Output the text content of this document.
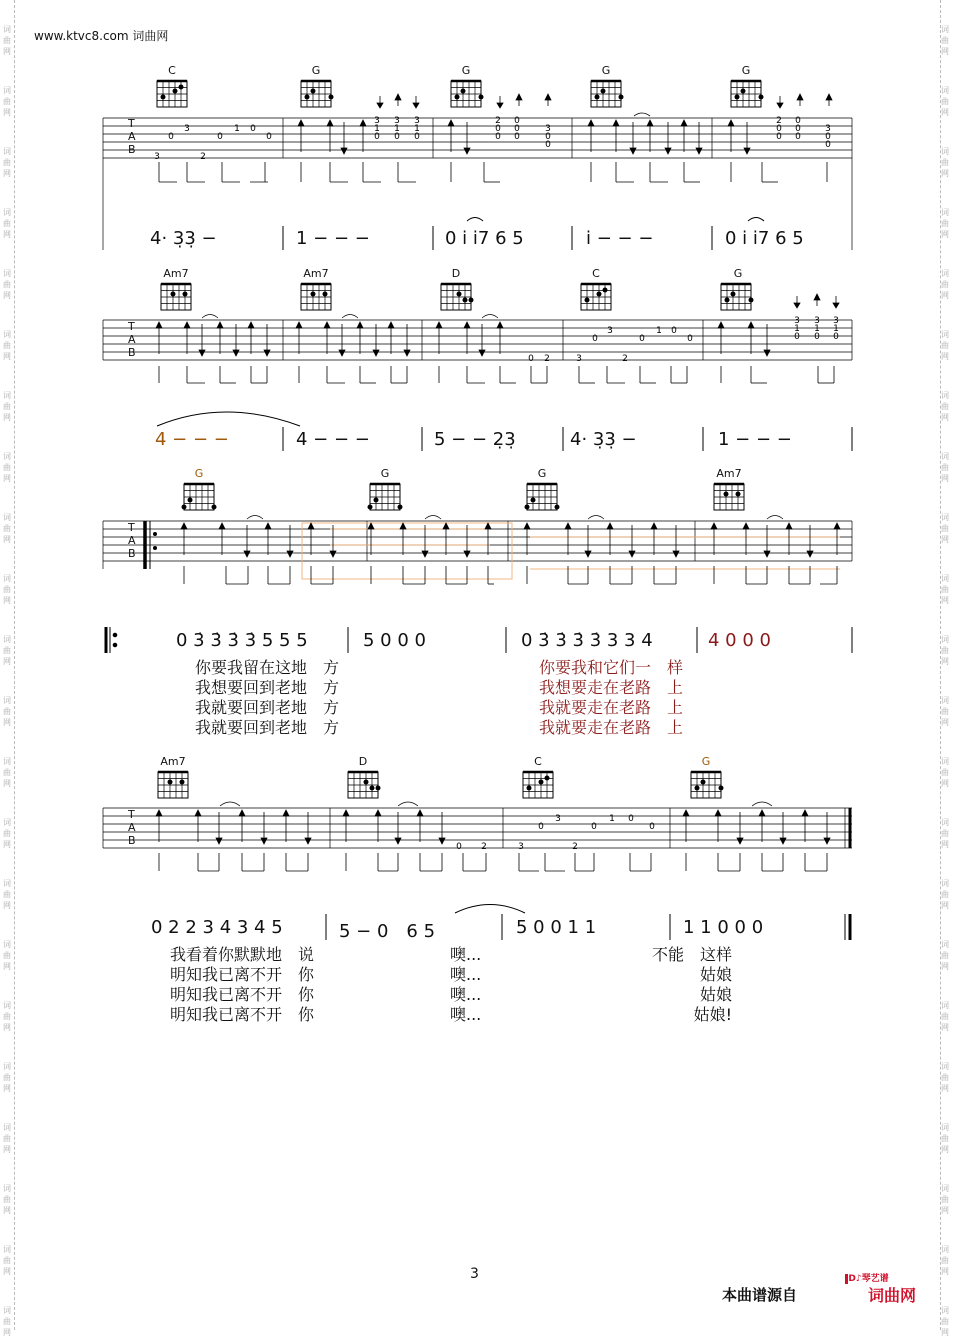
www.ktvc8.com 词曲网
3
0	0
1 0
0
3	2
3
1
0
3
1
0
3
1
0
2
0
0
0
0
0
3
0
0
2
0
0
0
0
0
3
0
0
0 2
3
0	0
1 0
0
3	2
3
1
0
3
1
0
3
1
0
0 2
3
0	0
1 0
0
3	2
C	G	G	G	G
Am7	Am7	D	C	G
G	G	G	Am7
Am7	D	C	G
T
A
B
T
A
B
T
A
B
T
A
B
4· 3̣3̣ −	1 − − −	0 i̇ i̇7 6 5	i̇ − − −	0 i̇ i̇7 6 5
4 − − −	4 − − −	5 − − 2̣3̣	4· 3̣3̣ −	1 − − −
0 3̇ 3̇ 3̇ 3̇ 5 5 5	5 0 0 0	0 3̇ 3̇ 3̇ 3̇ 3 3 4	4 0 0 0
0 2 2 3 4 3 4 5	5 − 0　6 5	5 0 0 1 1	1 1 0 0 0
你要我留在这地　方
我想要回到老地　方
我就要回到老地　方
我就要回到老地　方
你要我和它们一　样
我想要走在老路　上
我就要走在老路　上
我就要走在老路　上
我看着你默默地　说
明知我已离不开　你
明知我已离不开　你
明知我已离不开　你
噢...
噢...
噢...
噢...
不能　这样
姑娘
姑娘
姑娘!
3
本曲谱源自
ID♪琴艺谱
词曲网
词
曲
网
词
曲
网
词
曲
网
词
曲
网
词
曲
网
词
曲
网
词
曲
网
词
曲
网
词
曲
网
词
曲
网
词
曲
网
词
曲
网
词
曲
网
词
曲
网
词
曲
网
词
曲
网
词
曲
网
词
曲
网
词
曲
网
词
曲
网
词
曲
网
词
曲
网
词
曲
网
词
曲
网
词
曲
网
词
曲
网
词
曲
网
词
曲
网
词
曲
网
词
曲
网
词
曲
网
词
曲
网
词
曲
网
词
曲
网
词
曲
网
词
曲
网
词
曲
网
词
曲
网
词
曲
网
词
曲
网
词
曲
网
词
曲
网
词
曲
网
词
曲
网
